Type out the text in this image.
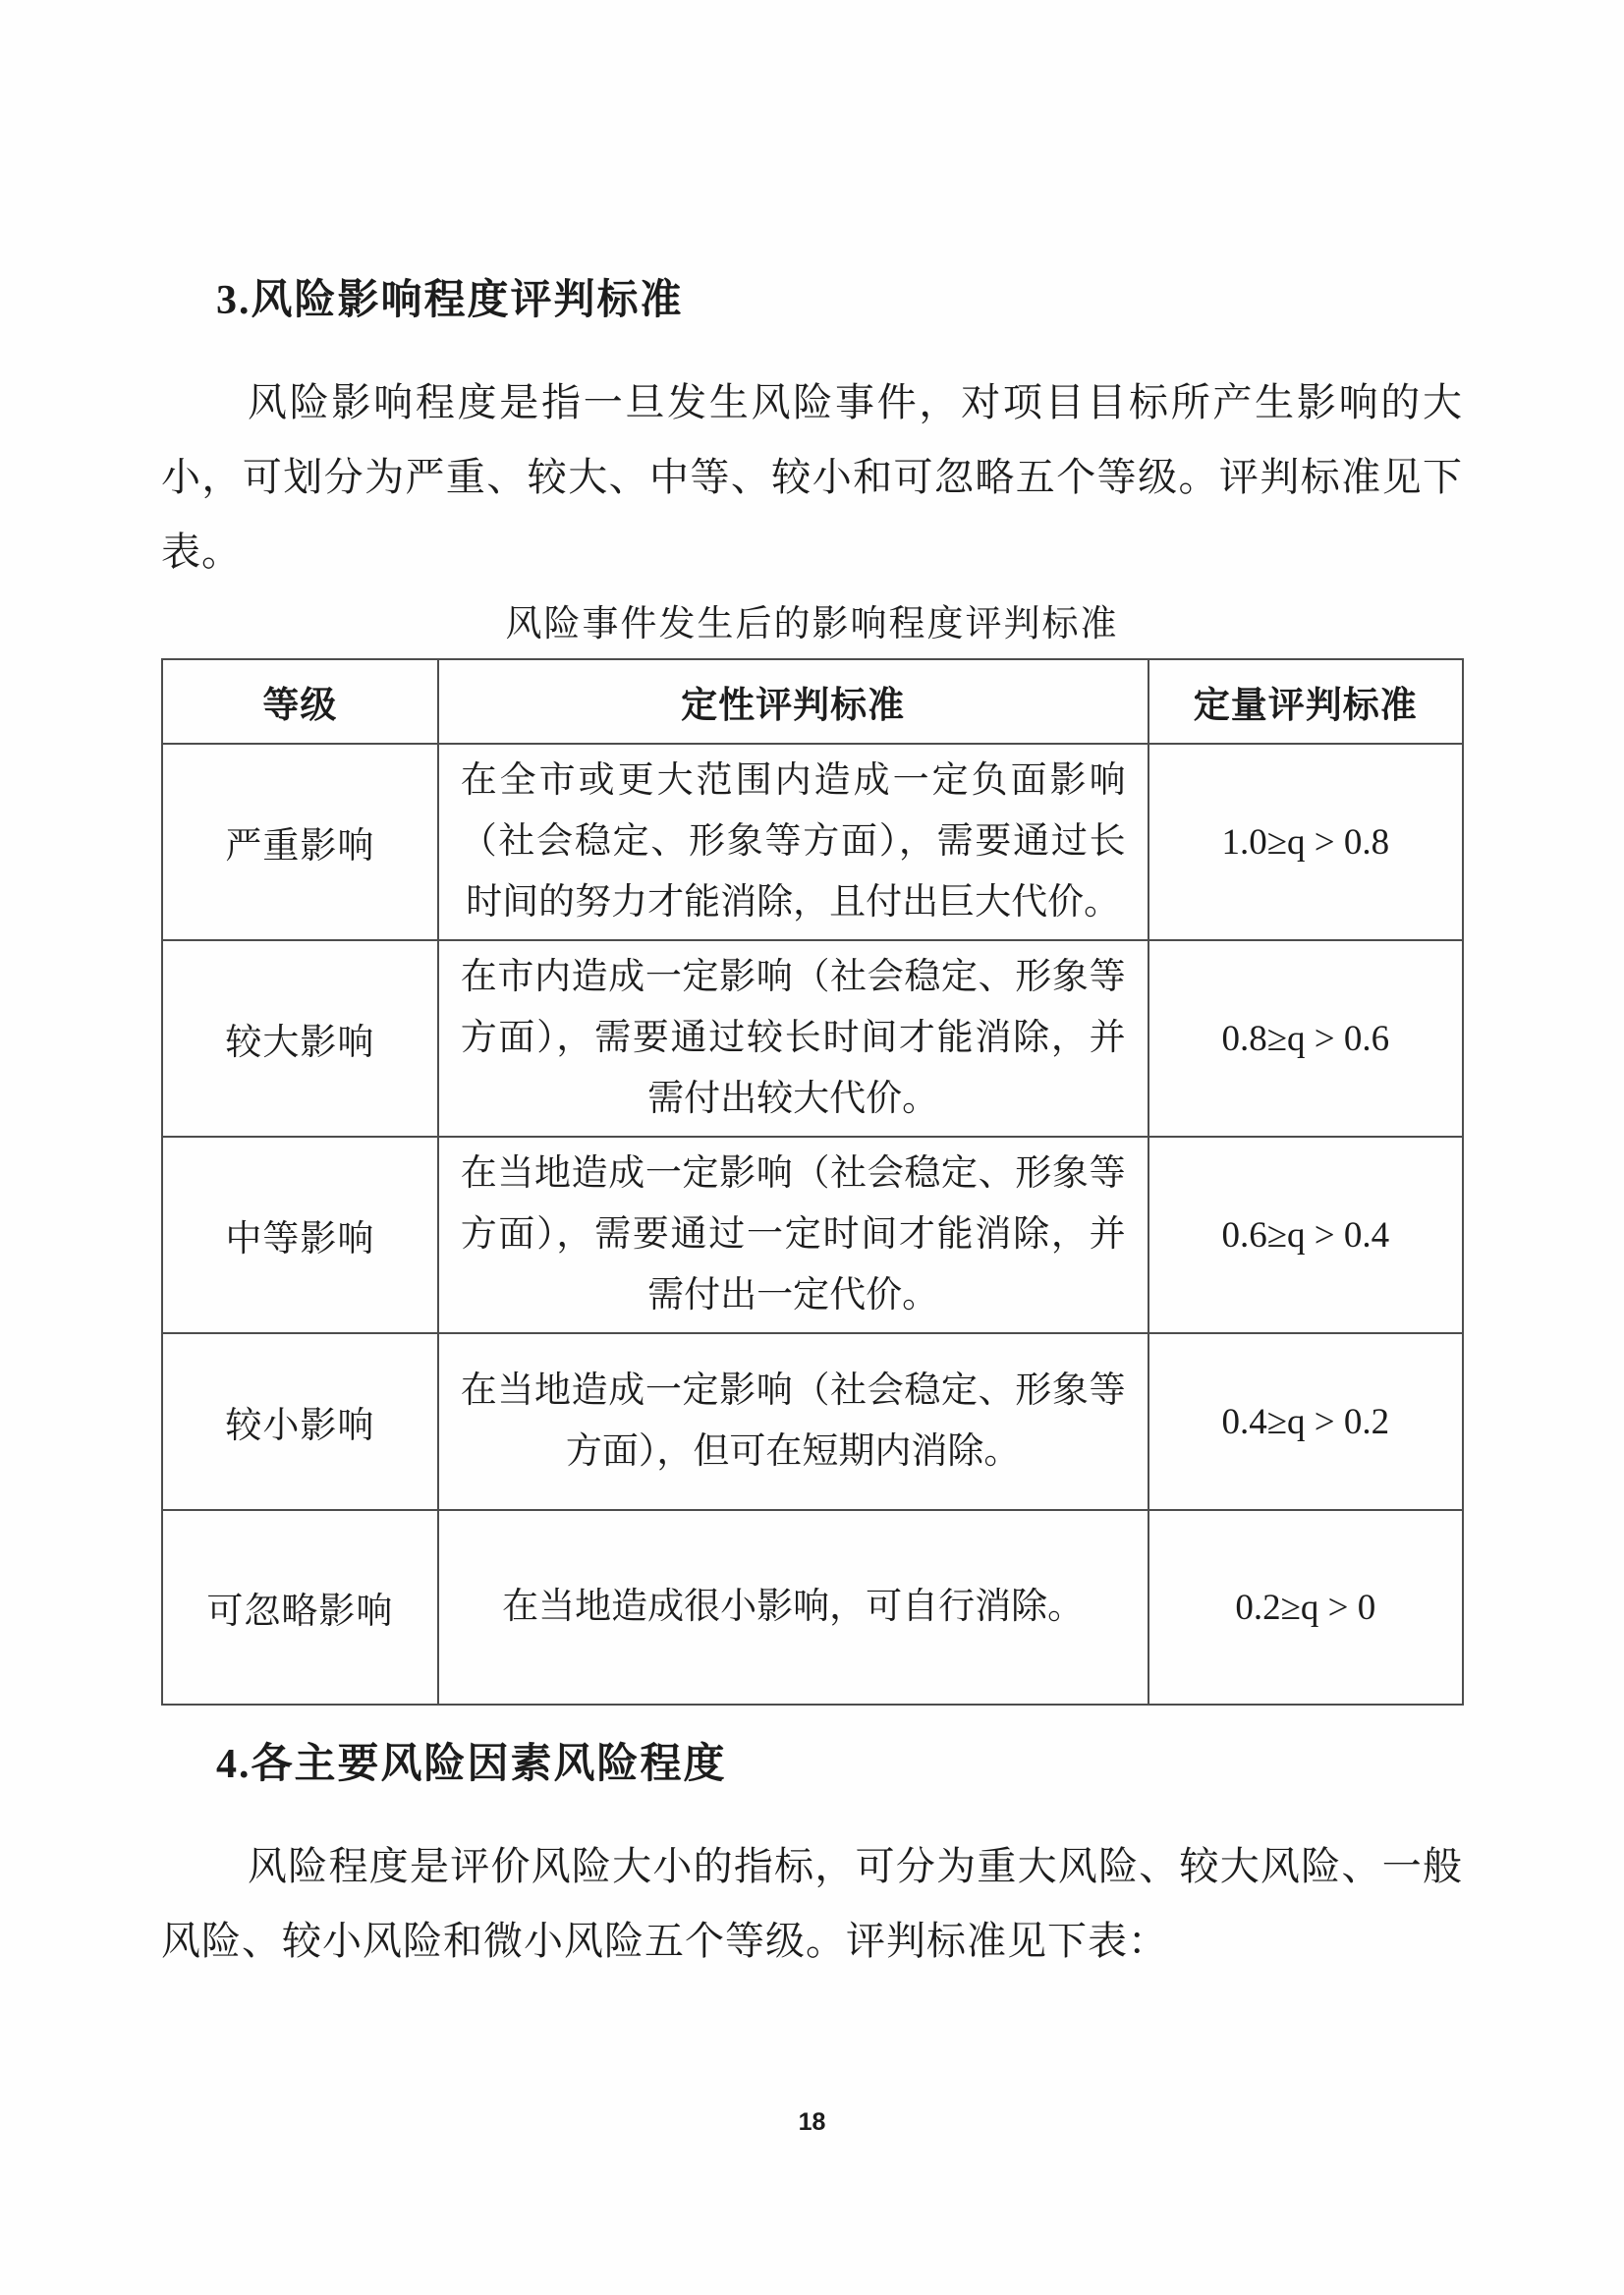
3.风险影响程度评判标准

风险影响程度是指一旦发生风险事件，对项目目标所产生影响的大小，可划分为严重、较大、中等、较小和可忽略五个等级。评判标准见下表。

风险事件发生后的影响程度评判标准
等级	定性评判标准	定量评判标准
严重影响	在全市或更大范围内造成一定负面影响（社会稳定、形象等方面），需要通过长时间的努力才能消除，且付出巨大代价。	1.0≥q > 0.8
较大影响	在市内造成一定影响（社会稳定、形象等方面），需要通过较长时间才能消除，并需付出较大代价。	0.8≥q > 0.6
中等影响	在当地造成一定影响（社会稳定、形象等方面），需要通过一定时间才能消除，并需付出一定代价。	0.6≥q > 0.4
较小影响	在当地造成一定影响（社会稳定、形象等方面），但可在短期内消除。	0.4≥q > 0.2
可忽略影响	在当地造成很小影响，可自行消除。	0.2≥q > 0
4.各主要风险因素风险程度

风险程度是评价风险大小的指标，可分为重大风险、较大风险、一般风险、较小风险和微小风险五个等级。评判标准见下表：

18
